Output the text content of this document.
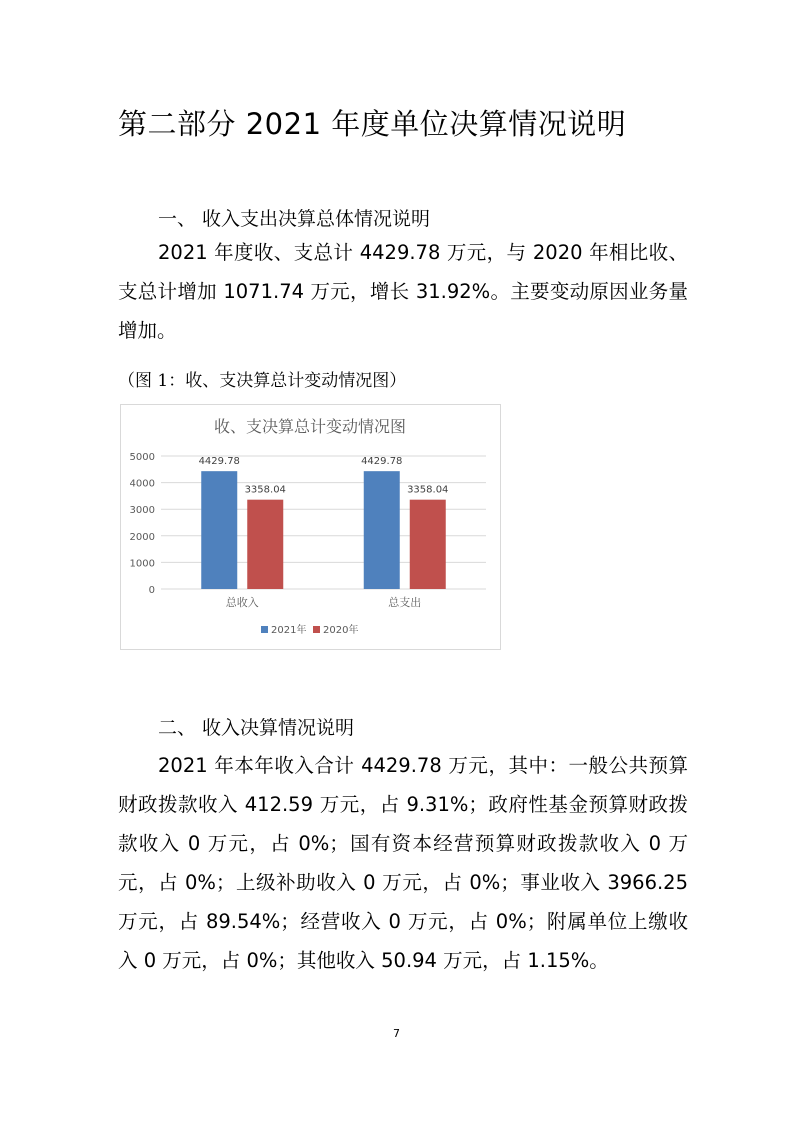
第二部分 2021 年度单位决算情况说明
一、 收入支出决算总体情况说明
2021 年度收、支总计 4429.78 万元，与 2020 年相比收、支总计增加 1071.74 万元，增长 31.92%。主要变动原因业务量增加。
（图 1：收、支决算总计变动情况图）
收、支决算总计变动情况图
0
1000
2000
3000
4000
5000	4429.78
3358.04
总收入
4429.78
3358.04
总支出
2021年 2020年
二、 收入决算情况说明
2021 年本年收入合计 4429.78 万元，其中：一般公共预算财政拨款收入 412.59 万元，占 9.31%；政府性基金预算财政拨款收入 0 万元，占 0%；国有资本经营预算财政拨款收入 0 万元，占 0%；上级补助收入 0 万元，占 0%；事业收入 3966.25 万元，占 89.54%；经营收入 0 万元，占 0%；附属单位上缴收入 0 万元，占 0%；其他收入 50.94 万元，占 1.15%。
7
